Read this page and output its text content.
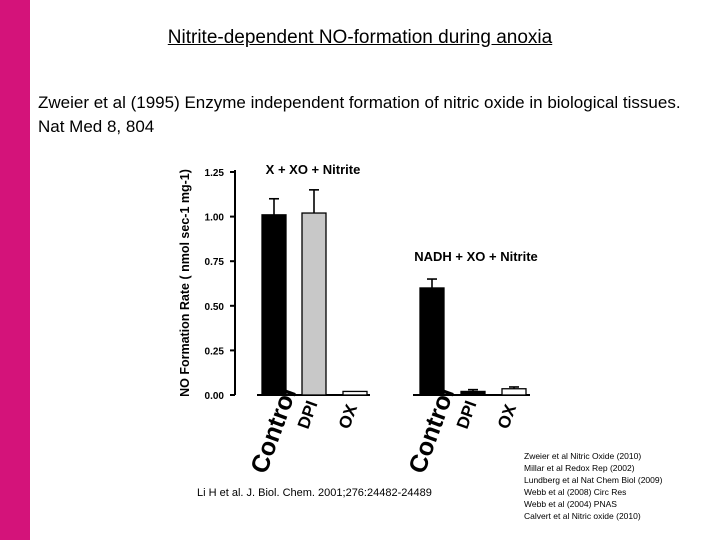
Nitrite-dependent NO-formation during anoxia
Zweier et al (1995) Enzyme independent formation of nitric oxide in biological tissues. Nat Med 8, 804
0.00
0.25
0.50
0.75
1.00
1.25
NO Formation Rate ( nmol sec-1 mg-1)	X + XO + Nitrite
Control
DPI OX
NADH + XO + Nitrite
Control
DPI OX
Li H et al. J. Biol. Chem. 2001;276:24482-24489
Zweier et al Nitric Oxide (2010)
Millar et al Redox Rep (2002)
Lundberg et al Nat Chem Biol (2009)
Webb et al (2008) Circ Res
Webb et al (2004) PNAS
Calvert et al Nitric oxide (2010)
